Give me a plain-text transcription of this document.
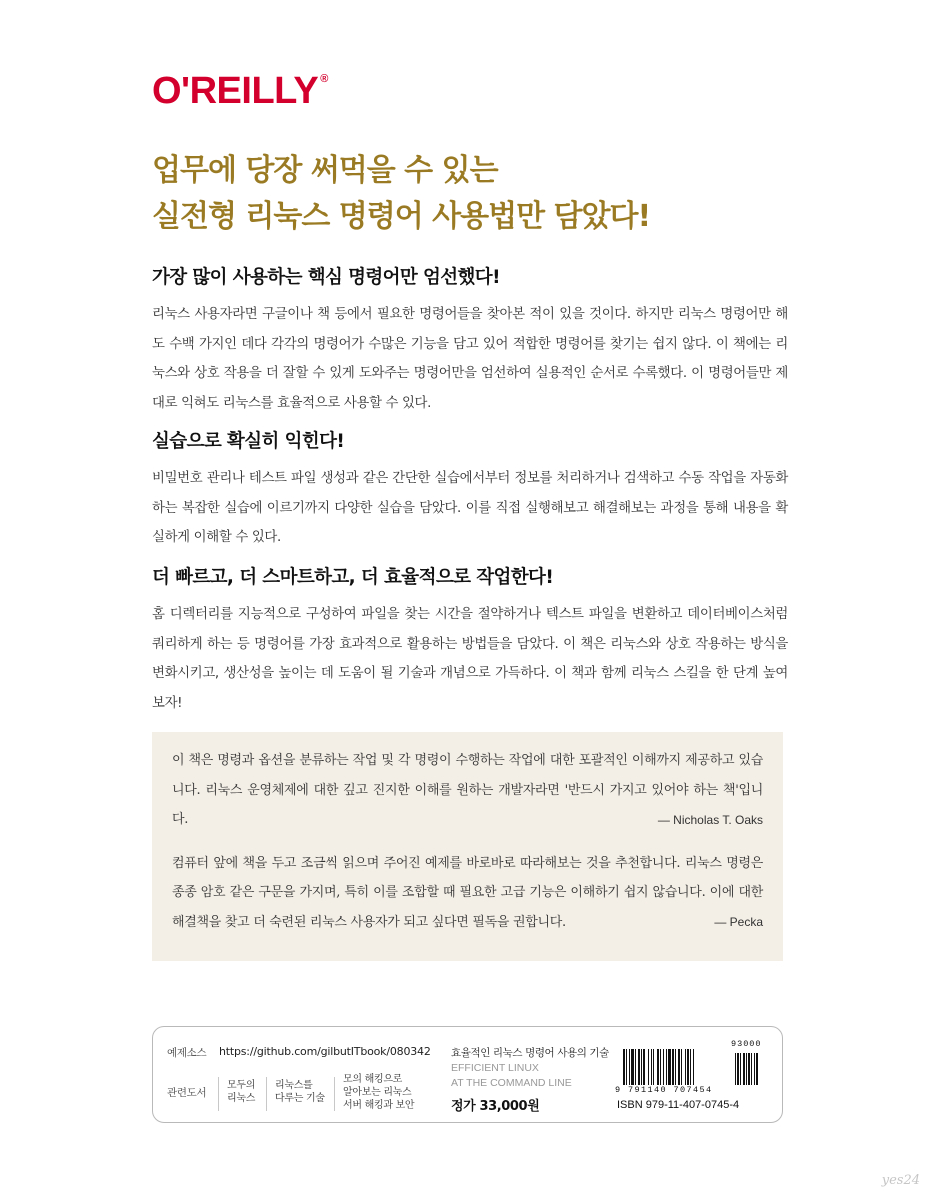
O'REILLY ®
업무에 당장 써먹을 수 있는
실전형 리눅스 명령어 사용법만 담았다!
가장 많이 사용하는 핵심 명령어만 엄선했다!

리눅스 사용자라면 구글이나 책 등에서 필요한 명령어들을 찾아본 적이 있을 것이다. 하지만 리눅스 명령어만 해도 수백 가지인 데다 각각의 명령어가 수많은 기능을 담고 있어 적합한 명령어를 찾기는 쉽지 않다. 이 책에는 리눅스와 상호 작용을 더 잘할 수 있게 도와주는 명령어만을 엄선하여 실용적인 순서로 수록했다. 이 명령어들만 제대로 익혀도 리눅스를 효율적으로 사용할 수 있다.

실습으로 확실히 익힌다!

비밀번호 관리나 테스트 파일 생성과 같은 간단한 실습에서부터 정보를 처리하거나 검색하고 수동 작업을 자동화하는 복잡한 실습에 이르기까지 다양한 실습을 담았다. 이를 직접 실행해보고 해결해보는 과정을 통해 내용을 확실하게 이해할 수 있다.

더 빠르고, 더 스마트하고, 더 효율적으로 작업한다!

홈 디렉터리를 지능적으로 구성하여 파일을 찾는 시간을 절약하거나 텍스트 파일을 변환하고 데이터베이스처럼 쿼리하게 하는 등 명령어를 가장 효과적으로 활용하는 방법들을 담았다. 이 책은 리눅스와 상호 작용하는 방식을 변화시키고, 생산성을 높이는 데 도움이 될 기술과 개념으로 가득하다. 이 책과 함께 리눅스 스킬을 한 단계 높여보자!

이 책은 명령과 옵션을 분류하는 작업 및 각 명령이 수행하는 작업에 대한 포괄적인 이해까지 제공하고 있습니다. 리눅스 운영체제에 대한 깊고 진지한 이해를 원하는 개발자라면 '반드시 가지고 있어야 하는 책'입니다.	— Nicholas T. Oaks
컴퓨터 앞에 책을 두고 조금씩 읽으며 주어진 예제를 바로바로 따라해보는 것을 추천합니다. 리눅스 명령은 종종 암호 같은 구문을 가지며, 특히 이를 조합할 때 필요한 고급 기능은 이해하기 쉽지 않습니다. 이에 대한 해결책을 찾고 더 숙련된 리눅스 사용자가 되고 싶다면 필독을 권합니다.	— Pecka
예제소스 https://github.com/gilbutITbook/080342
관련도서
모두의
리눅스
리눅스를
다루는 기술
모의 해킹으로
알아보는 리눅스
서버 해킹과 보안
효율적인 리눅스 명령어 사용의 기술
EFFICIENT LINUX
AT THE COMMAND LINE
정가 33,000원
93000
9 791140 707454
ISBN 979-11-407-0745-4
yes24
